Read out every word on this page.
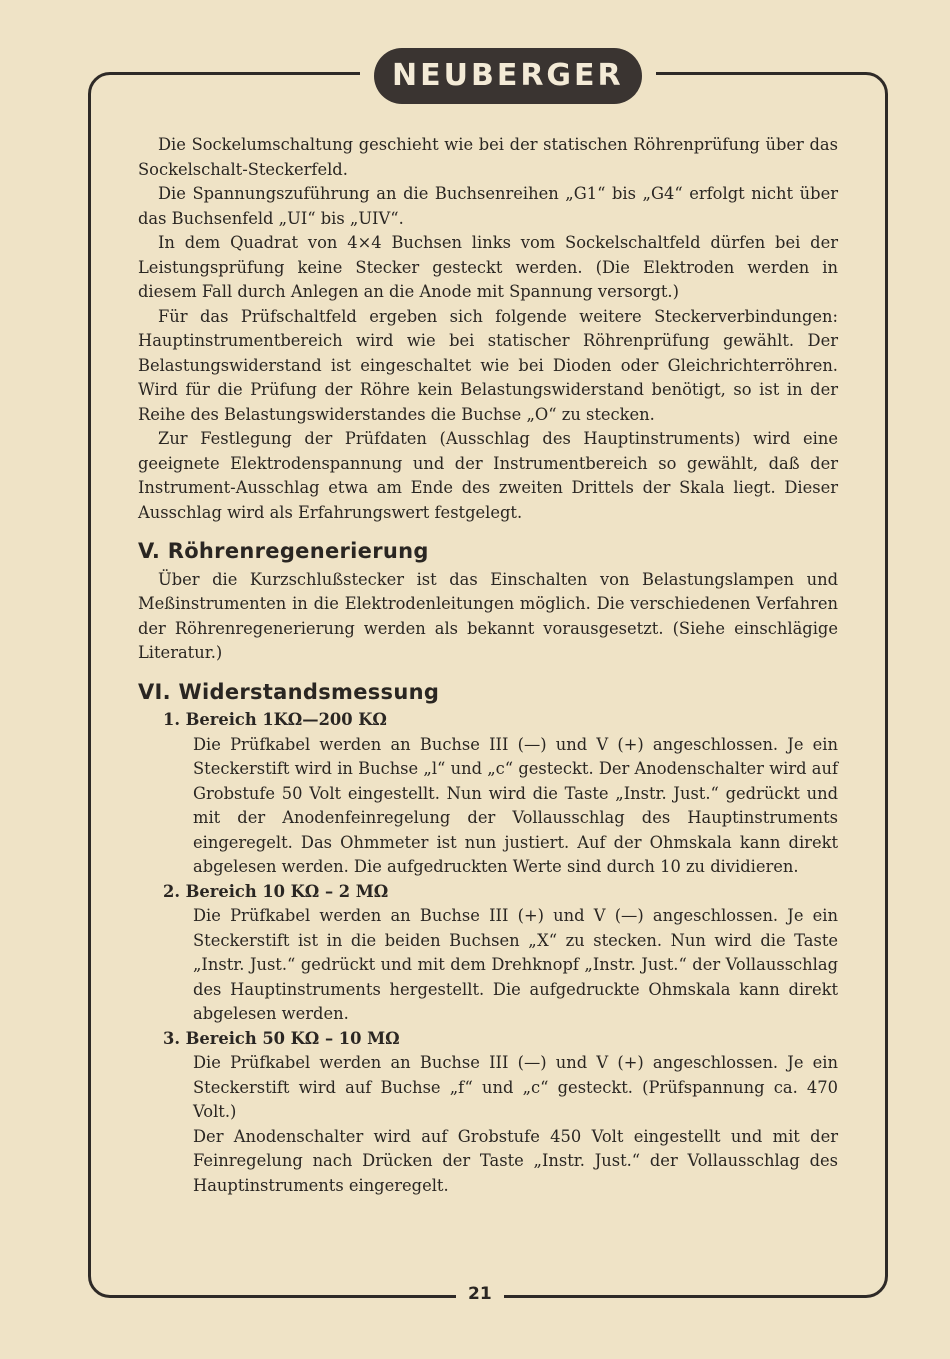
NEUBERGER

Die Sockelumschaltung geschieht wie bei der statischen Röhrenprüfung über das Sockelschalt-Steckerfeld.

Die Spannungszuführung an die Buchsenreihen „G1“ bis „G4“ erfolgt nicht über das Buchsenfeld „UI“ bis „UIV“.

In dem Quadrat von 4×4 Buchsen links vom Sockelschaltfeld dürfen bei der Leistungsprüfung keine Stecker gesteckt werden. (Die Elektroden werden in diesem Fall durch Anlegen an die Anode mit Spannung versorgt.)

Für das Prüfschaltfeld ergeben sich folgende weitere Steckerverbindungen: Hauptinstrumentbereich wird wie bei statischer Röhrenprüfung gewählt. Der Belastungswiderstand ist eingeschaltet wie bei Dioden oder Gleichrichterröhren. Wird für die Prüfung der Röhre kein Belastungswiderstand benötigt, so ist in der Reihe des Belastungswiderstandes die Buchse „O“ zu stecken.

Zur Festlegung der Prüfdaten (Ausschlag des Hauptinstruments) wird eine geeignete Elektrodenspannung und der Instrumentbereich so gewählt, daß der Instrument-Ausschlag etwa am Ende des zweiten Drittels der Skala liegt. Dieser Ausschlag wird als Erfahrungswert festgelegt.

V. Röhrenregenerierung

Über die Kurzschlußstecker ist das Einschalten von Belastungslampen und Meßinstrumenten in die Elektrodenleitungen möglich. Die verschiedenen Verfahren der Röhrenregenerierung werden als bekannt vorausgesetzt. (Siehe einschlägige Literatur.)

VI. Widerstandsmessung
1. Bereich 1KΩ—200 KΩ

Die Prüfkabel werden an Buchse III (—) und V (+) angeschlossen. Je ein Steckerstift wird in Buchse „l“ und „c“ gesteckt. Der Anodenschalter wird auf Grobstufe 50 Volt eingestellt. Nun wird die Taste „Instr. Just.“ gedrückt und mit der Anodenfeinregelung der Vollausschlag des Hauptinstruments eingeregelt. Das Ohmmeter ist nun justiert. Auf der Ohmskala kann direkt abgelesen werden. Die aufgedruckten Werte sind durch 10 zu dividieren.

2. Bereich 10 KΩ – 2 MΩ

Die Prüfkabel werden an Buchse III (+) und V (—) angeschlossen. Je ein Steckerstift ist in die beiden Buchsen „X“ zu stecken. Nun wird die Taste „Instr. Just.“ gedrückt und mit dem Drehknopf „Instr. Just.“ der Vollausschlag des Hauptinstruments hergestellt. Die aufgedruckte Ohmskala kann direkt abgelesen werden.

3. Bereich 50 KΩ – 10 MΩ

Die Prüfkabel werden an Buchse III (—) und V (+) angeschlossen. Je ein Steckerstift wird auf Buchse „f“ und „c“ gesteckt. (Prüfspannung ca. 470 Volt.)

Der Anodenschalter wird auf Grobstufe 450 Volt eingestellt und mit der Feinregelung nach Drücken der Taste „Instr. Just.“ der Vollausschlag des Hauptinstruments eingeregelt.

21
